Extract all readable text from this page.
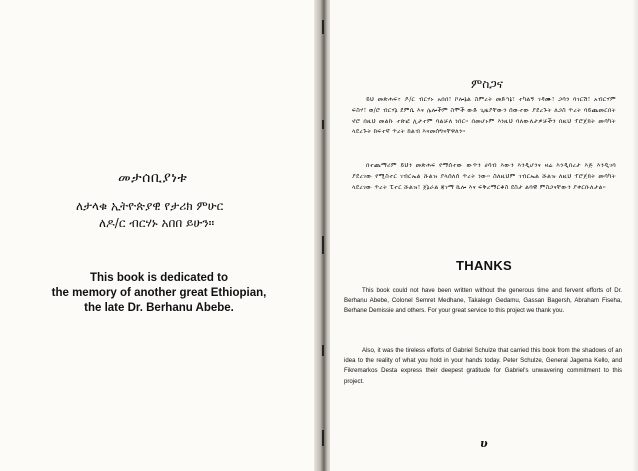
መታሰቢያነቱ
ለታላቁ ኢትዮጵያዊ የታሪክ ምሁር
ለዶ/ር ብርሃኑ አበበ ይሁን።
This book is dedicated to
the memory of another great Ethiopian,
the late Dr. Berhanu Abebe.
ምስጋና
ይህ መጽሐፍ፥ ዶ/ር ብርሃኑ አበበ፣ ኮሎኔል ስምረት መድኅኔ፣ ተካልኝ ገዳሙ፣ ጋሳን ባገርሽ፣ አብርሃም ፍስሃ፣ ወ/ሮ ብርሃኔ ደምሴ እና ሌሎችም ስሞች ውድ ጊዜያቸውን ሰውተው ያደረጉት ለጋስ ጥረት ባይጨመርበት ኖሮ በዚህ መልኩ ተጽፎ ሊታተም ባልቻለ ነበር። በመሆኑም እነዚህ ባለውለታዎቻችን በዚህ ፕሮጀክት መሳካት ላደረጉት ከፍተኛ ጥረት ከልብ እናመሰግናቸዋለን።
በተጨማሪም ይህን መጽሐፍ የማሰተው ውጥን ሀሳብ እውን እንዲሆንና ዛሬ እንዲበረታ እጅ እንዲገባ ያደረገው የሚስተር ገብርኤል ሹልዝ ያላሰለሰ ጥረት ነው። ስለዚህም ገብርኤል ሹልዝ ለዚህ ፕሮጀክት መሳካት ላደረገው ጥረት ፒተር ሹልዝ፣ ጀኔራል ጃገማ ኬሎ እና ፍቅረማርቆስ ደስታ ልባዊ ምስጋናቸውን ያቀርቡለታል።
THANKS
This book could not have been written without the generous time and fervent efforts of Dr. Berhanu Abebe, Colonel Semret Medhane, Takalegn Gedamu, Gassan Bagersh, Abraham Fiseha, Berhane Demissie and others. For your great service to this project we thank you.
Also, it was the tireless efforts of Gabriel Schulze that carried this book from the shadows of an idea to the reality of what you hold in your hands today. Peter Schulze, General Jagema Kello, and Fikremarkos Desta express their deepest gratitude for Gabriel's unwavering commitment to this project.
υ
